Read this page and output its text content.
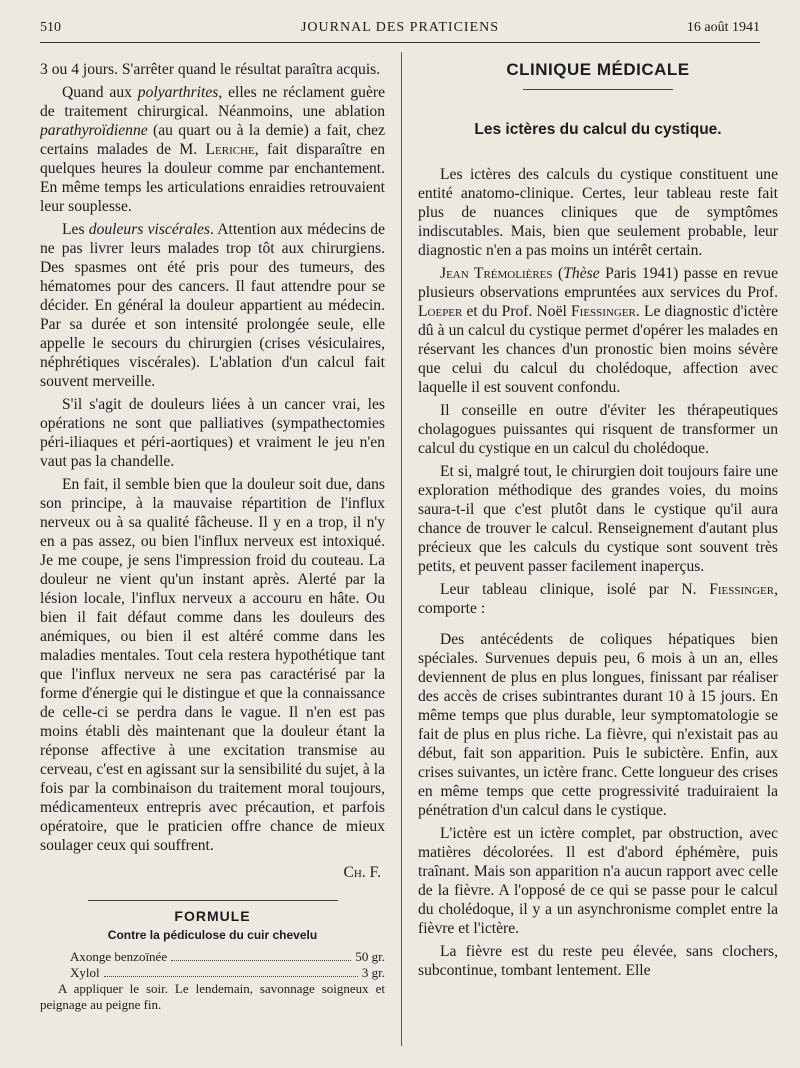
510	JOURNAL DES PRATICIENS	16 août 1941

3 ou 4 jours. S'arrêter quand le résultat paraîtra acquis.

Quand aux polyarthrites, elles ne réclament guère de traitement chirurgical. Néanmoins, une ablation parathyroïdienne (au quart ou à la demie) a fait, chez certains malades de M. Leriche, fait disparaître en quelques heures la douleur comme par enchantement. En même temps les articulations enraidies retrouvaient leur souplesse.

Les douleurs viscérales. Attention aux médecins de ne pas livrer leurs malades trop tôt aux chirurgiens. Des spasmes ont été pris pour des tumeurs, des hématomes pour des cancers. Il faut attendre pour se décider. En général la douleur appartient au médecin. Par sa durée et son intensité prolongée seule, elle appelle le secours du chirurgien (crises vésiculaires, néphrétiques viscérales). L'ablation d'un calcul fait souvent merveille.

S'il s'agit de douleurs liées à un cancer vrai, les opérations ne sont que palliatives (sympathectomies péri-iliaques et péri-aortiques) et vraiment le jeu n'en vaut pas la chandelle.

En fait, il semble bien que la douleur soit due, dans son principe, à la mauvaise répartition de l'influx nerveux ou à sa qualité fâcheuse. Il y en a trop, il n'y en a pas assez, ou bien l'influx nerveux est intoxiqué. Je me coupe, je sens l'impression froid du couteau. La douleur ne vient qu'un instant après. Alerté par la lésion locale, l'influx nerveux a accouru en hâte. Ou bien il fait défaut comme dans les douleurs des anémiques, ou bien il est altéré comme dans les maladies mentales. Tout cela restera hypothétique tant que l'influx nerveux ne sera pas caractérisé par la forme d'énergie qui le distingue et que la connaissance de celle-ci se perdra dans le vague. Il n'en est pas moins établi dès maintenant que la douleur étant la réponse affective à une excitation transmise au cerveau, c'est en agissant sur la sensibilité du sujet, à la fois par la combinaison du traitement moral toujours, médicamenteux entrepris avec précaution, et parfois opératoire, que le praticien offre chance de mieux soulager ceux qui souffrent.

Ch. F.
FORMULE
Contre la pédiculose du cuir chevelu
Axonge benzoïnée	50 gr.
Xylol	3 gr.

A appliquer le soir. Le lendemain, savonnage soigneux et peignage au peigne fin.

CLINIQUE MÉDICALE
Les ictères du calcul du cystique.

Les ictères des calculs du cystique constituent une entité anatomo-clinique. Certes, leur tableau reste fait plus de nuances cliniques que de symptômes indiscutables. Mais, bien que seulement probable, leur diagnostic n'en a pas moins un intérêt certain.

Jean Trémolières (Thèse Paris 1941) passe en revue plusieurs observations empruntées aux services du Prof. Loeper et du Prof. Noël Fiessinger. Le diagnostic d'ictère dû à un calcul du cystique permet d'opérer les malades en réservant les chances d'un pronostic bien moins sévère que celui du calcul du cholédoque, affection avec laquelle il est souvent confondu.

Il conseille en outre d'éviter les thérapeutiques cholagogues puissantes qui risquent de transformer un calcul du cystique en un calcul du cholédoque.

Et si, malgré tout, le chirurgien doit toujours faire une exploration méthodique des grandes voies, du moins saura-t-il que c'est plutôt dans le cystique qu'il aura chance de trouver le calcul. Renseignement d'autant plus précieux que les calculs du cystique sont souvent très petits, et peuvent passer facilement inaperçus.

Leur tableau clinique, isolé par N. Fiessinger, comporte :

Des antécédents de coliques hépatiques bien spéciales. Survenues depuis peu, 6 mois à un an, elles deviennent de plus en plus longues, finissant par réaliser des accès de crises subintrantes durant 10 à 15 jours. En même temps que plus durable, leur symptomatologie se fait de plus en plus riche. La fièvre, qui n'existait pas au début, fait son apparition. Puis le subictère. Enfin, aux crises suivantes, un ictère franc. Cette longueur des crises en même temps que cette progressivité traduiraient la pénétration d'un calcul dans le cystique.

L'ictère est un ictère complet, par obstruction, avec matières décolorées. Il est d'abord éphémère, puis traînant. Mais son apparition n'a aucun rapport avec celle de la fièvre. A l'opposé de ce qui se passe pour le calcul du cholédoque, il y a un asynchronisme complet entre la fièvre et l'ictère.

La fièvre est du reste peu élevée, sans clochers, subcontinue, tombant lentement. Elle
